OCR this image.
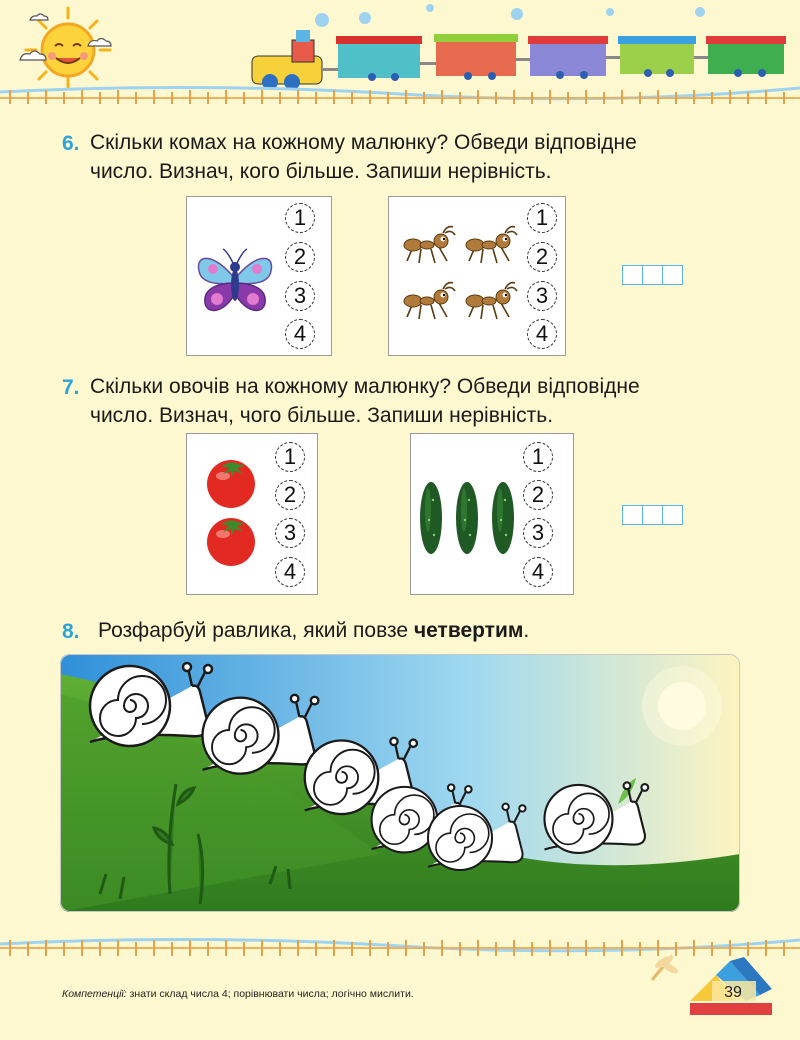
6. Скільки комах на кожному малюнку? Обведи відповідне
число. Визнач, кого більше. Запиши нерівність.
1
2
3
4
1
2
3
4
7. Скільки овочів на кожному малюнку? Обведи відповідне
число. Визнач, чого більше. Запиши нерівність.
1
2
3
4
1
2
3
4
8. Розфарбуй равлика, який повзе четвертим.
Компетенції: знати склад числа 4; порівнювати числа; логічно мислити.	39
